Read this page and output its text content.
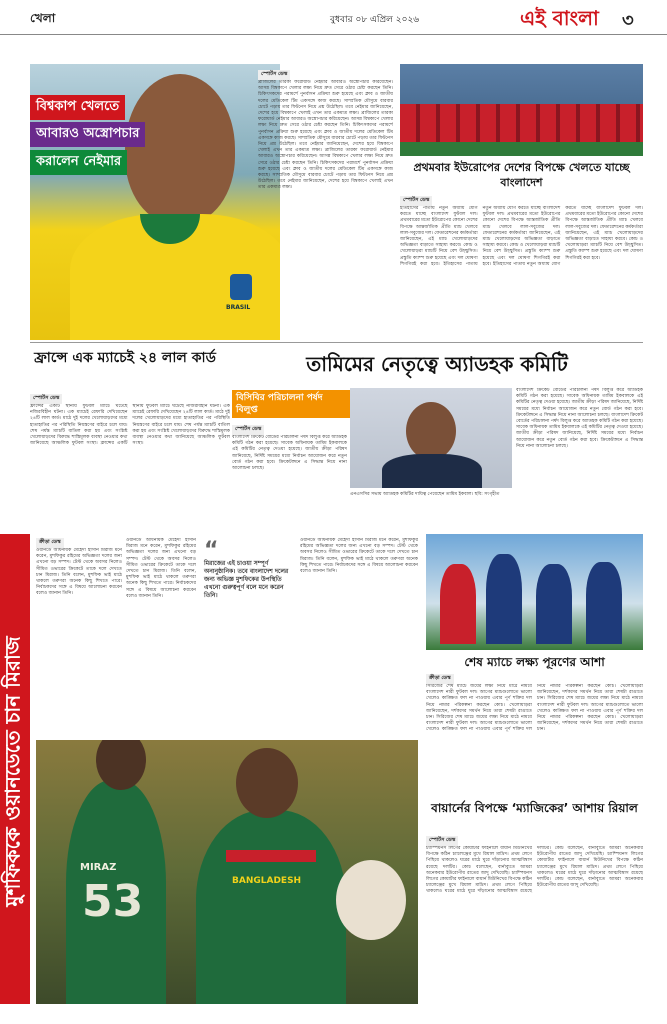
খেলা	বুধবার ০৮ এপ্রিল ২০২৬	এই বাংলা ৩
BRASIL
বিশ্বকাপ খেলতে
আবারও অস্ত্রোপচার
করালেন নেইমার
স্পোর্টস ডেস্ক
ব্রাজিলের তারকা ফরোয়ার্ড নেইমার আবারও অস্ত্রোপচার করিয়েছেন। আসন্ন বিশ্বকাপে খেলার লক্ষ্য নিয়ে দ্রুত সেরে ওঠার চেষ্টা করছেন তিনি। চিকিৎসকদের পরামর্শে পুনর্বাসন প্রক্রিয়া শুরু হয়েছে এবং ক্লাব ও জাতীয় দলের মেডিকেল টিম একসঙ্গে কাজ করছে। সাম্প্রতিক মৌসুমে বারবার চোটে পড়ায় তার ফিটনেস নিয়ে প্রশ্ন উঠেছিল। তবে নেইমার জানিয়েছেন, দেশের হয়ে বিশ্বকাপে খেলাই এখন তার একমাত্র লক্ষ্য। ব্রাজিলের তারকা ফরোয়ার্ড নেইমার আবারও অস্ত্রোপচার করিয়েছেন। আসন্ন বিশ্বকাপে খেলার লক্ষ্য নিয়ে দ্রুত সেরে ওঠার চেষ্টা করছেন তিনি। চিকিৎসকদের পরামর্শে পুনর্বাসন প্রক্রিয়া শুরু হয়েছে এবং ক্লাব ও জাতীয় দলের মেডিকেল টিম একসঙ্গে কাজ করছে। সাম্প্রতিক মৌসুমে বারবার চোটে পড়ায় তার ফিটনেস নিয়ে প্রশ্ন উঠেছিল। তবে নেইমার জানিয়েছেন, দেশের হয়ে বিশ্বকাপে খেলাই এখন তার একমাত্র লক্ষ্য। ব্রাজিলের তারকা ফরোয়ার্ড নেইমার আবারও অস্ত্রোপচার করিয়েছেন। আসন্ন বিশ্বকাপে খেলার লক্ষ্য নিয়ে দ্রুত সেরে ওঠার চেষ্টা করছেন তিনি। চিকিৎসকদের পরামর্শে পুনর্বাসন প্রক্রিয়া শুরু হয়েছে এবং ক্লাব ও জাতীয় দলের মেডিকেল টিম একসঙ্গে কাজ করছে। সাম্প্রতিক মৌসুমে বারবার চোটে পড়ায় তার ফিটনেস নিয়ে প্রশ্ন উঠেছিল। তবে নেইমার জানিয়েছেন, দেশের হয়ে বিশ্বকাপে খেলাই এখন তার একমাত্র লক্ষ্য।
প্রথমবার ইউরোপের দেশের বিপক্ষে খেলতে যাচ্ছে বাংলাদেশ
স্পোর্টস ডেস্ক
ইতিহাসের পাতায় নতুন অধ্যায় যোগ করতে যাচ্ছে বাংলাদেশ ফুটবল দল। প্রথমবারের মতো ইউরোপের কোনো দেশের বিপক্ষে আন্তর্জাতিক প্রীতি ম্যাচ খেলবে লাল-সবুজের দল। ফেডারেশনের কর্মকর্তারা জানিয়েছেন, এই ম্যাচ খেলোয়াড়দের অভিজ্ঞতা বাড়াতে সাহায্য করবে। কোচ ও খেলোয়াড়রা ম্যাচটি নিয়ে বেশ উচ্ছ্বসিত। প্রস্তুতি ক্যাম্প শুরু হয়েছে এবং দল ঘোষণা শিগগিরই করা হবে। ইতিহাসের পাতায় নতুন অধ্যায় যোগ করতে যাচ্ছে বাংলাদেশ ফুটবল দল। প্রথমবারের মতো ইউরোপের কোনো দেশের বিপক্ষে আন্তর্জাতিক প্রীতি ম্যাচ খেলবে লাল-সবুজের দল। ফেডারেশনের কর্মকর্তারা জানিয়েছেন, এই ম্যাচ খেলোয়াড়দের অভিজ্ঞতা বাড়াতে সাহায্য করবে। কোচ ও খেলোয়াড়রা ম্যাচটি নিয়ে বেশ উচ্ছ্বসিত। প্রস্তুতি ক্যাম্প শুরু হয়েছে এবং দল ঘোষণা শিগগিরই করা হবে। ইতিহাসের পাতায় নতুন অধ্যায় যোগ করতে যাচ্ছে বাংলাদেশ ফুটবল দল। প্রথমবারের মতো ইউরোপের কোনো দেশের বিপক্ষে আন্তর্জাতিক প্রীতি ম্যাচ খেলবে লাল-সবুজের দল। ফেডারেশনের কর্মকর্তারা জানিয়েছেন, এই ম্যাচ খেলোয়াড়দের অভিজ্ঞতা বাড়াতে সাহায্য করবে। কোচ ও খেলোয়াড়রা ম্যাচটি নিয়ে বেশ উচ্ছ্বসিত। প্রস্তুতি ক্যাম্প শুরু হয়েছে এবং দল ঘোষণা শিগগিরই করা হবে।
ফ্রান্সে এক ম্যাচেই ২৪ লাল কার্ড
স্পোর্টস ডেস্ক
ফ্রান্সের একটি স্থানীয় ফুটবল ম্যাচে ঘটেছে নজিরবিহীন ঘটনা। এক ম্যাচেই রেফারি দেখিয়েছেন ২৪টি লাল কার্ড। মাঠে দুই দলের খেলোয়াড়দের মধ্যে হাতাহাতির পর পরিস্থিতি নিয়ন্ত্রণের বাইরে চলে যায়। শেষ পর্যন্ত ম্যাচটি বাতিল করা হয় এবং সংশ্লিষ্ট খেলোয়াড়দের বিরুদ্ধে শাস্তিমূলক ব্যবস্থা নেওয়ার কথা জানিয়েছে আঞ্চলিক ফুটবল সংস্থা। ফ্রান্সের একটি স্থানীয় ফুটবল ম্যাচে ঘটেছে নজিরবিহীন ঘটনা। এক ম্যাচেই রেফারি দেখিয়েছেন ২৪টি লাল কার্ড। মাঠে দুই দলের খেলোয়াড়দের মধ্যে হাতাহাতির পর পরিস্থিতি নিয়ন্ত্রণের বাইরে চলে যায়। শেষ পর্যন্ত ম্যাচটি বাতিল করা হয় এবং সংশ্লিষ্ট খেলোয়াড়দের বিরুদ্ধে শাস্তিমূলক ব্যবস্থা নেওয়ার কথা জানিয়েছে আঞ্চলিক ফুটবল সংস্থা।
তামিমের নেতৃত্বে অ্যাডহক কমিটি
বিসিবির পরিচালনা পর্ষদ বিলুপ্ত
স্পোর্টস ডেস্ক
বাংলাদেশ ক্রিকেট বোর্ডের পরিচালনা পর্ষদ বিলুপ্ত করে অ্যাডহক কমিটি গঠন করা হয়েছে। সাবেক অধিনায়ক তামিম ইকবালকে এই কমিটির নেতৃত্ব দেওয়া হয়েছে। জাতীয় ক্রীড়া পরিষদ জানিয়েছে, নির্দিষ্ট সময়ের মধ্যে নির্বাচন আয়োজন করে নতুন বোর্ড গঠন করা হবে। ক্রিকেটাঙ্গনে এ সিদ্ধান্ত নিয়ে নানা আলোচনা চলছে।
এনএসসির সভায় অ্যাডহক কমিটির দায়িত্ব পেয়েছেন তামিম ইকবাল। ছবি: সংগৃহীত
বাংলাদেশ ক্রিকেট বোর্ডের পরিচালনা পর্ষদ বিলুপ্ত করে অ্যাডহক কমিটি গঠন করা হয়েছে। সাবেক অধিনায়ক তামিম ইকবালকে এই কমিটির নেতৃত্ব দেওয়া হয়েছে। জাতীয় ক্রীড়া পরিষদ জানিয়েছে, নির্দিষ্ট সময়ের মধ্যে নির্বাচন আয়োজন করে নতুন বোর্ড গঠন করা হবে। ক্রিকেটাঙ্গনে এ সিদ্ধান্ত নিয়ে নানা আলোচনা চলছে। বাংলাদেশ ক্রিকেট বোর্ডের পরিচালনা পর্ষদ বিলুপ্ত করে অ্যাডহক কমিটি গঠন করা হয়েছে। সাবেক অধিনায়ক তামিম ইকবালকে এই কমিটির নেতৃত্ব দেওয়া হয়েছে। জাতীয় ক্রীড়া পরিষদ জানিয়েছে, নির্দিষ্ট সময়ের মধ্যে নির্বাচন আয়োজন করে নতুন বোর্ড গঠন করা হবে। ক্রিকেটাঙ্গনে এ সিদ্ধান্ত নিয়ে নানা আলোচনা চলছে।
মুশফিককে ওয়ানডেতে চান মিরাজ
ক্রীড়া ডেস্ক
ওয়ানডে অধিনায়ক মেহেদী হাসান মিরাজ মনে করেন, মুশফিকুর রহিমের অভিজ্ঞতা দলের জন্য এখনো বড় সম্পদ। টেস্ট থেকে অবসর নিলেও সীমিত ওভারের ক্রিকেটে তাকে দলে দেখতে চান মিরাজ। তিনি বলেন, মুশফিক ভাই মাঠে থাকলে তরুণরা অনেক কিছু শিখতে পারে। নির্বাচকদের সঙ্গে এ বিষয়ে আলোচনা করবেন বলেও জানান তিনি।
ওয়ানডে অধিনায়ক মেহেদী হাসান মিরাজ মনে করেন, মুশফিকুর রহিমের অভিজ্ঞতা দলের জন্য এখনো বড় সম্পদ। টেস্ট থেকে অবসর নিলেও সীমিত ওভারের ক্রিকেটে তাকে দলে দেখতে চান মিরাজ। তিনি বলেন, মুশফিক ভাই মাঠে থাকলে তরুণরা অনেক কিছু শিখতে পারে। নির্বাচকদের সঙ্গে এ বিষয়ে আলোচনা করবেন বলেও জানান তিনি।
“
মিরাজের এই চাওয়া সম্পূর্ণ অনানুষ্ঠানিক। তবে বাংলাদেশ দলের জন্য অভিজ্ঞ মুশফিকের উপস্থিতি এখনো গুরুত্বপূর্ণ বলে মনে করেন তিনি।
ওয়ানডে অধিনায়ক মেহেদী হাসান মিরাজ মনে করেন, মুশফিকুর রহিমের অভিজ্ঞতা দলের জন্য এখনো বড় সম্পদ। টেস্ট থেকে অবসর নিলেও সীমিত ওভারের ক্রিকেটে তাকে দলে দেখতে চান মিরাজ। তিনি বলেন, মুশফিক ভাই মাঠে থাকলে তরুণরা অনেক কিছু শিখতে পারে। নির্বাচকদের সঙ্গে এ বিষয়ে আলোচনা করবেন বলেও জানান তিনি।
MIRAZ
53	BANGLADESH
শেষ ম্যাচে লক্ষ্য পূরণের আশা
ক্রীড়া ডেস্ক
সিরিজের শেষ ম্যাচে জয়ের লক্ষ্য নিয়ে মাঠে নামবে বাংলাদেশ নারী ফুটবল দল। আগের ম্যাচগুলোতে ভালো খেলেও কাঙ্ক্ষিত ফল না পাওয়ায় এবার পূর্ণ শক্তির দল নিয়ে নামার পরিকল্পনা করছেন কোচ। খেলোয়াড়রা জানিয়েছেন, দর্শকদের সমর্থন নিয়ে তারা শেষটা রাঙাতে চান। সিরিজের শেষ ম্যাচে জয়ের লক্ষ্য নিয়ে মাঠে নামবে বাংলাদেশ নারী ফুটবল দল। আগের ম্যাচগুলোতে ভালো খেলেও কাঙ্ক্ষিত ফল না পাওয়ায় এবার পূর্ণ শক্তির দল নিয়ে নামার পরিকল্পনা করছেন কোচ। খেলোয়াড়রা জানিয়েছেন, দর্শকদের সমর্থন নিয়ে তারা শেষটা রাঙাতে চান। সিরিজের শেষ ম্যাচে জয়ের লক্ষ্য নিয়ে মাঠে নামবে বাংলাদেশ নারী ফুটবল দল। আগের ম্যাচগুলোতে ভালো খেলেও কাঙ্ক্ষিত ফল না পাওয়ায় এবার পূর্ণ শক্তির দল নিয়ে নামার পরিকল্পনা করছেন কোচ। খেলোয়াড়রা জানিয়েছেন, দর্শকদের সমর্থন নিয়ে তারা শেষটা রাঙাতে চান।
বায়ার্নের বিপক্ষে ‘ম্যাজিকের’ আশায় রিয়াল
স্পোর্টস ডেস্ক
চ্যাম্পিয়নস লিগের কোয়ার্টার ফাইনালে বায়ার্ন মিউনিখের বিপক্ষে কঠিন চ্যালেঞ্জের মুখে রিয়াল মাদ্রিদ। প্রথম লেগে পিছিয়ে থাকলেও ঘরের মাঠে ঘুরে দাঁড়ানোর আত্মবিশ্বাস রয়েছে দলটির। কোচ বলেছেন, বার্নাব্যুতে আমরা অনেকবার ইউরোপীয় রাতের জাদু দেখিয়েছি। চ্যাম্পিয়নস লিগের কোয়ার্টার ফাইনালে বায়ার্ন মিউনিখের বিপক্ষে কঠিন চ্যালেঞ্জের মুখে রিয়াল মাদ্রিদ। প্রথম লেগে পিছিয়ে থাকলেও ঘরের মাঠে ঘুরে দাঁড়ানোর আত্মবিশ্বাস রয়েছে দলটির। কোচ বলেছেন, বার্নাব্যুতে আমরা অনেকবার ইউরোপীয় রাতের জাদু দেখিয়েছি। চ্যাম্পিয়নস লিগের কোয়ার্টার ফাইনালে বায়ার্ন মিউনিখের বিপক্ষে কঠিন চ্যালেঞ্জের মুখে রিয়াল মাদ্রিদ। প্রথম লেগে পিছিয়ে থাকলেও ঘরের মাঠে ঘুরে দাঁড়ানোর আত্মবিশ্বাস রয়েছে দলটির। কোচ বলেছেন, বার্নাব্যুতে আমরা অনেকবার ইউরোপীয় রাতের জাদু দেখিয়েছি।
